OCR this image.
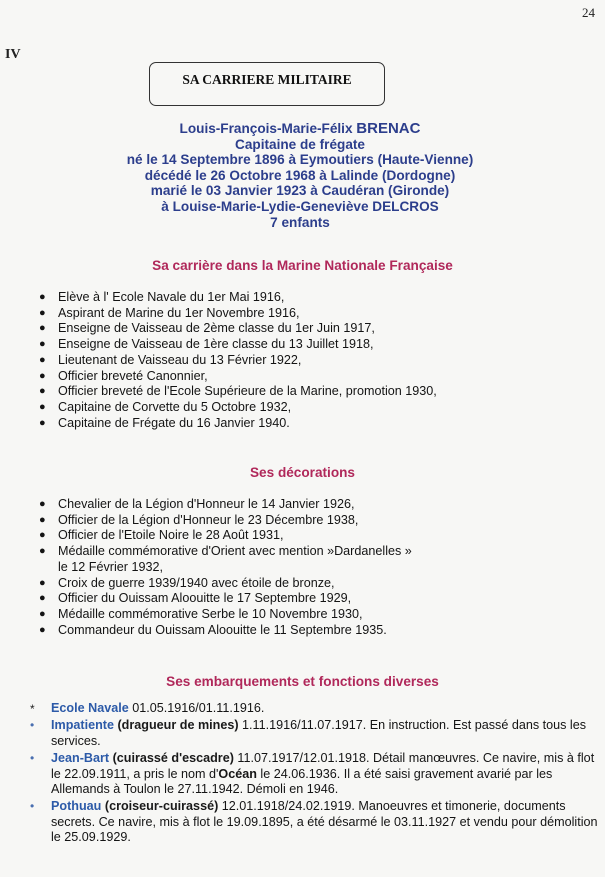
24
IV
SA CARRIERE MILITAIRE
Louis-François-Marie-Félix BRENAC
Capitaine de frégate
né le 14 Septembre 1896 à Eymoutiers (Haute-Vienne)
décédé le 26 Octobre 1968 à Lalinde (Dordogne)
marié le 03 Janvier 1923 à Caudéran (Gironde)
à Louise-Marie-Lydie-Geneviève DELCROS
7 enfants
Sa carrière dans la Marine Nationale Française
● Elève à l' Ecole Navale du 1er Mai 1916,
● Aspirant de Marine du 1er Novembre 1916,
● Enseigne de Vaisseau de 2ème classe du 1er Juin 1917,
● Enseigne de Vaisseau de 1ère classe du 13 Juillet 1918,
● Lieutenant de Vaisseau du 13 Février 1922,
● Officier breveté Canonnier,
● Officier breveté de l'Ecole Supérieure de la Marine, promotion 1930,
● Capitaine de Corvette du 5 Octobre 1932,
● Capitaine de Frégate du 16 Janvier 1940.
Ses décorations
● Chevalier de la Légion d'Honneur le 14 Janvier 1926,
● Officier de la Légion d'Honneur le 23 Décembre 1938,
● Officier de l'Etoile Noire le 28 Août 1931,
● Médaille commémorative d'Orient avec mention »Dardanelles »
le 12 Février 1932,
● Croix de guerre 1939/1940 avec étoile de bronze,
● Officier du Ouissam Aloouitte le 17 Septembre 1929,
● Médaille commémorative Serbe le 10 Novembre 1930,
● Commandeur du Ouissam Aloouitte le 11 Septembre 1935.
Ses embarquements et fonctions diverses
* Ecole Navale 01.05.1916/01.11.1916.
• Impatiente (dragueur de mines) 1.11.1916/11.07.1917. En instruction. Est passé dans tous les services.
• Jean-Bart (cuirassé d'escadre) 11.07.1917/12.01.1918. Détail manœuvres. Ce navire, mis à flot le 22.09.1911, a pris le nom d'Océan le 24.06.1936. Il a été saisi gravement avarié par les Allemands à Toulon le 27.11.1942. Démoli en 1946.
• Pothuau (croiseur-cuirassé) 12.01.1918/24.02.1919. Manoeuvres et timonerie, documents secrets. Ce navire, mis à flot le 19.09.1895, a été désarmé le 03.11.1927 et vendu pour démolition le 25.09.1929.
